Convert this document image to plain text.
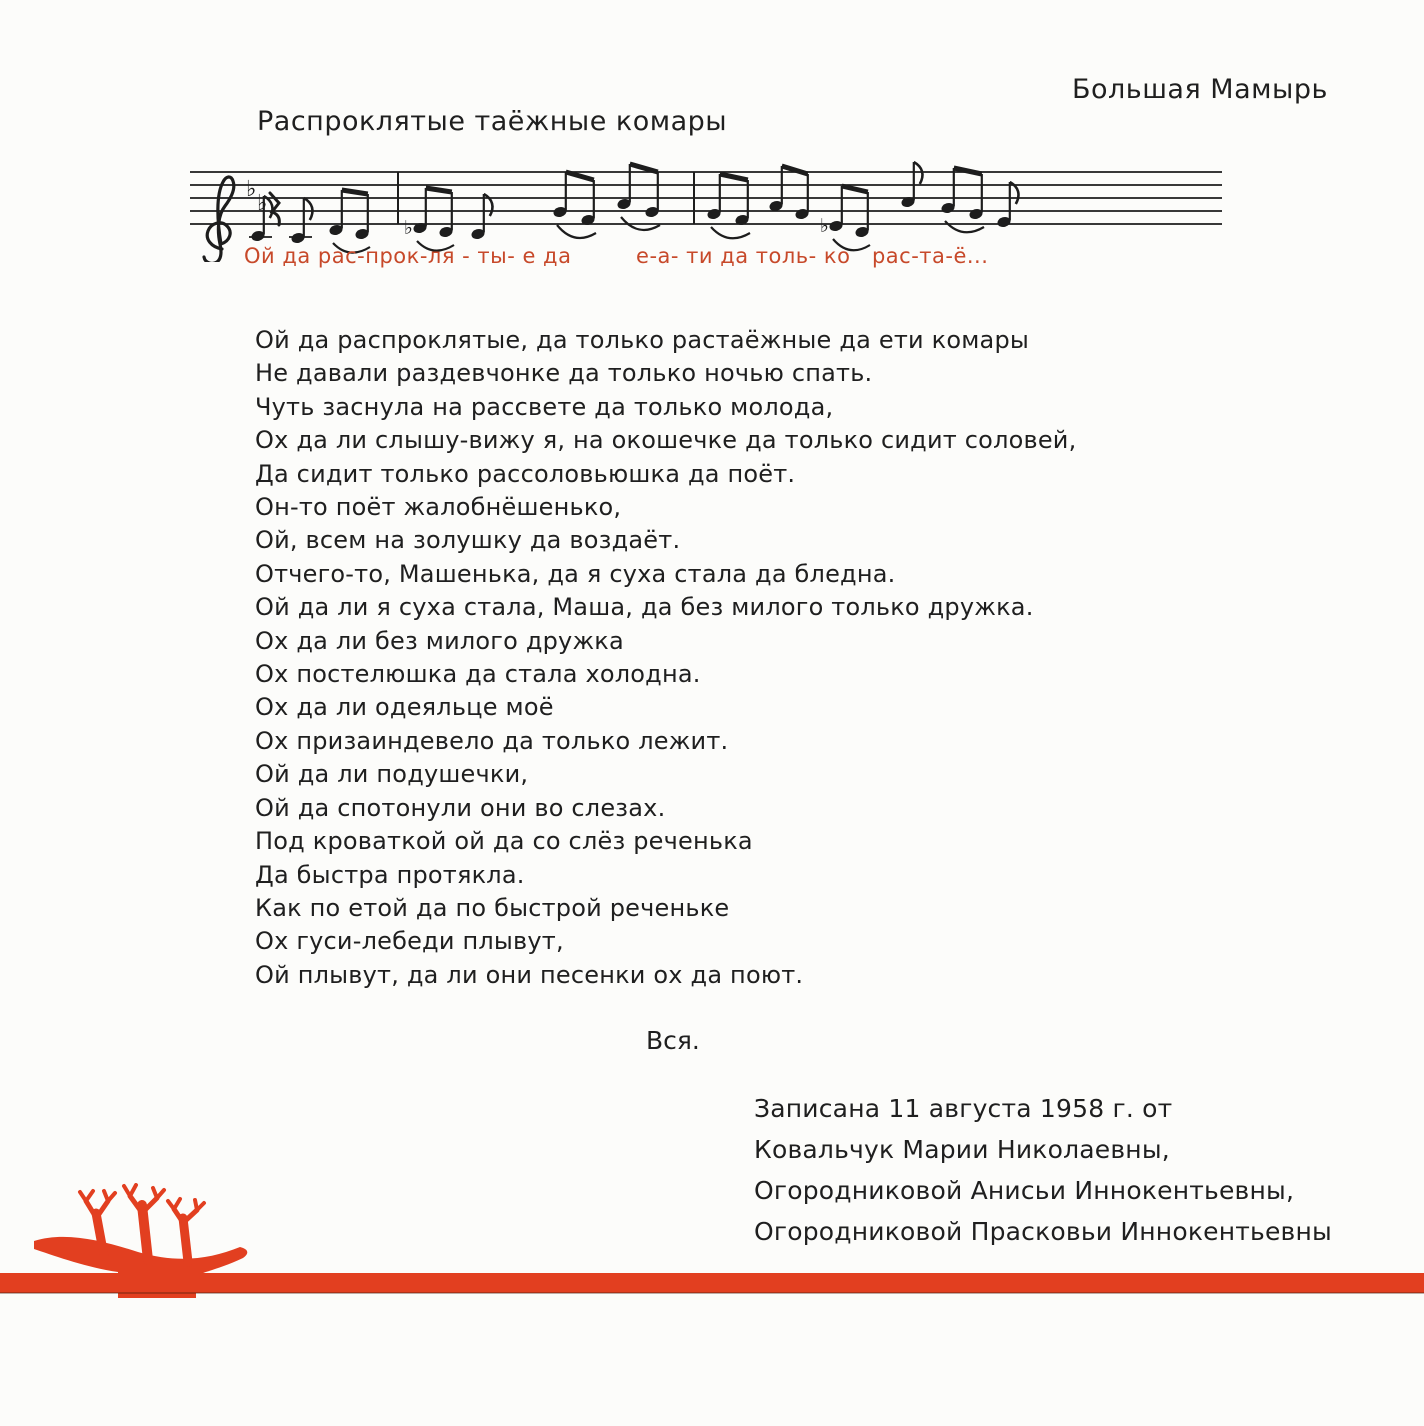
Большая Мамырь
Распроклятые таёжные комары
♭
♭
♭	♭
Ой да рас-прок-ля - ты- е да         е-а- ти да толь- ко   рас-та-ё...
Ой да распроклятые, да только растаёжные да ети комары
Не давали раздевчонке да только ночью спать.
Чуть заснула на рассвете да только молода,
Ох да ли слышу-вижу я, на окошечке да только сидит соловей,
Да сидит только рассоловьюшка да поёт.
Он-то поёт жалобнёшенько,
Ой, всем на золушку да воздаёт.
Отчего-то, Машенька, да я суха стала да бледна.
Ой да ли я суха стала, Маша, да без милого только дружка.
Ох да ли без милого дружка
Ох постелюшка да стала холодна.
Ох да ли одеяльце моё
Ох призаиндевело да только лежит.
Ой да ли подушечки,
Ой да спотонули они во слезах.
Под кроваткой ой да со слёз реченька
Да быстра протякла.
Как по етой да по быстрой реченьке
Ох гуси-лебеди плывут,
Ой плывут, да ли они песенки ох да поют.
Вся.
Записана 11 августа 1958 г. от
Ковальчук Марии Николаевны,
Огородниковой Анисьи Иннокентьевны,
Огородниковой Прасковьи Иннокентьевны
